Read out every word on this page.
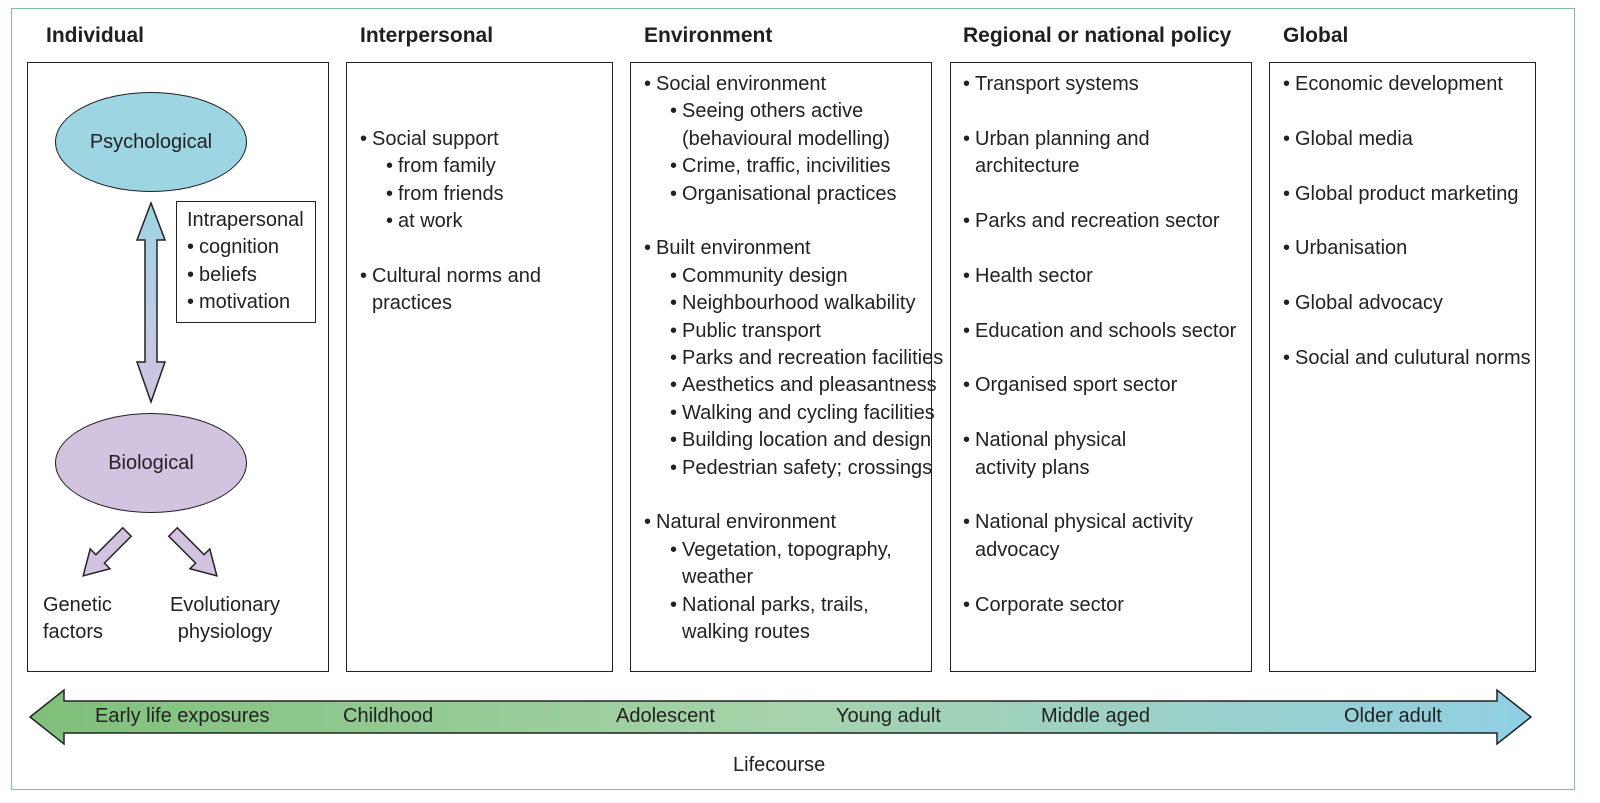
Individual	Interpersonal	Environment	Regional or national policy Global
Psychological
Biological
Intrapersonal
• cognition
• beliefs
• motivation
Genetic
factors
Evolutionary
physiology
• Social support
• from family
• from friends
• at work
• Cultural norms and
practices
• Social environment
• Seeing others active
(behavioural modelling)
• Crime, traffic, incivilities
• Organisational practices
• Built environment
• Community design
• Neighbourhood walkability
• Public transport
• Parks and recreation facilities
• Aesthetics and pleasantness
• Walking and cycling facilities
• Building location and design
• Pedestrian safety; crossings
• Natural environment
• Vegetation, topography,
weather
• National parks, trails,
walking routes
• Transport systems
• Urban planning and
architecture
• Parks and recreation sector
• Health sector
• Education and schools sector
• Organised sport sector
• National physical
activity plans
• National physical activity
advocacy
• Corporate sector
• Economic development
• Global media
• Global product marketing
• Urbanisation
• Global advocacy
• Social and culutural norms
Early life exposures	Childhood	Adolescent	Young adult	Middle aged	Older adult
Lifecourse
